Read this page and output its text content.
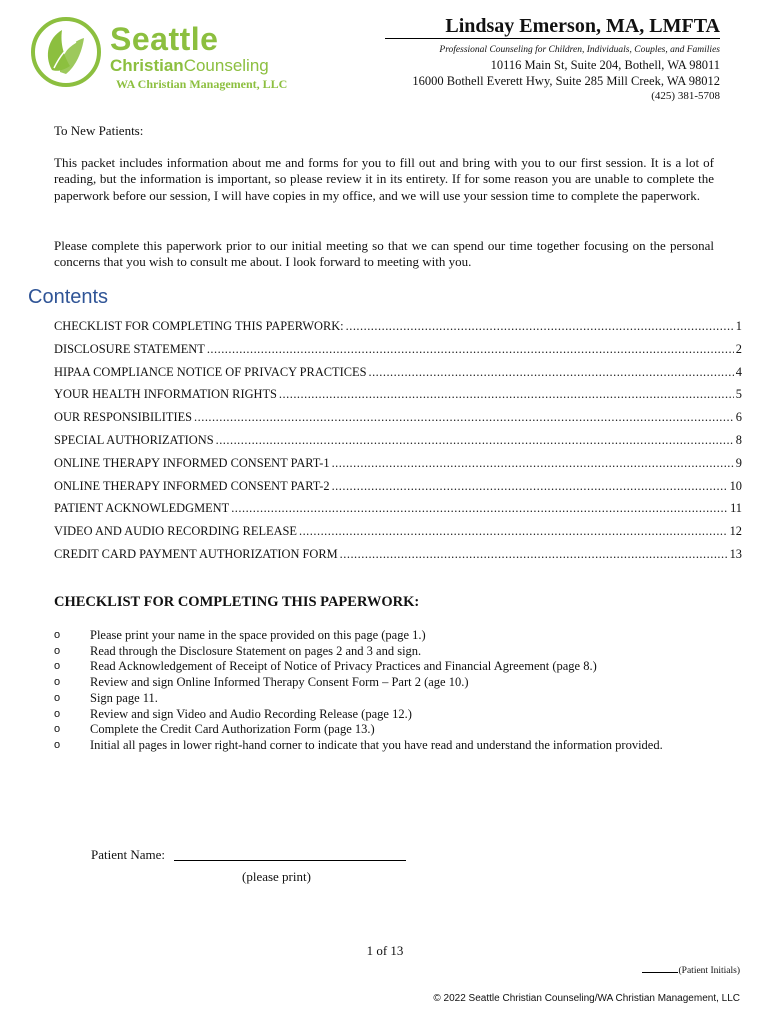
Seattle
ChristianCounseling
WA Christian Management, LLC
Lindsay Emerson, MA, LMFTA
Professional Counseling for Children, Individuals, Couples, and Families
10116 Main St, Suite 204, Bothell, WA 98011
16000 Bothell Everett Hwy, Suite 285 Mill Creek, WA 98012
(425) 381-5708
To New Patients:
This packet includes information about me and forms for you to fill out and bring with you to our first session. It is a lot of reading, but the information is important, so please review it in its entirety. If for some reason you are unable to complete the paperwork before our session, I will have copies in my office, and we will use your session time to complete the paperwork.
Please complete this paperwork prior to our initial meeting so that we can spend our time together focusing on the personal concerns that you wish to consult me about. I look forward to meeting with you.
Contents
CHECKLIST FOR COMPLETING THIS PAPERWORK: .....	1
DISCLOSURE STATEMENT .....	2
HIPAA COMPLIANCE NOTICE OF PRIVACY PRACTICES .....	4
YOUR HEALTH INFORMATION RIGHTS .....	5
OUR RESPONSIBILITIES .....	6
SPECIAL AUTHORIZATIONS .....	8
ONLINE THERAPY INFORMED CONSENT PART-1 .....	9
ONLINE THERAPY INFORMED CONSENT PART-2 .....	10
PATIENT ACKNOWLEDGMENT .....	11
VIDEO AND AUDIO RECORDING RELEASE .....	12
CREDIT CARD PAYMENT AUTHORIZATION FORM .....	13
CHECKLIST FOR COMPLETING THIS PAPERWORK:
o	Please print your name in the space provided on this page (page 1.)
o	Read through the Disclosure Statement on pages 2 and 3 and sign.
o	Read Acknowledgement of Receipt of Notice of Privacy Practices and Financial Agreement (page 8.)
o	Review and sign Online Informed Therapy Consent Form – Part 2 (age 10.)
o	Sign page 11.
o	Review and sign Video and Audio Recording Release (page 12.)
o	Complete the Credit Card Authorization Form (page 13.)
o	Initial all pages in lower right-hand corner to indicate that you have read and understand the information provided.
Patient Name:
(please print)
1 of 13
(Patient Initials)
© 2022 Seattle Christian Counseling/WA Christian Management, LLC
